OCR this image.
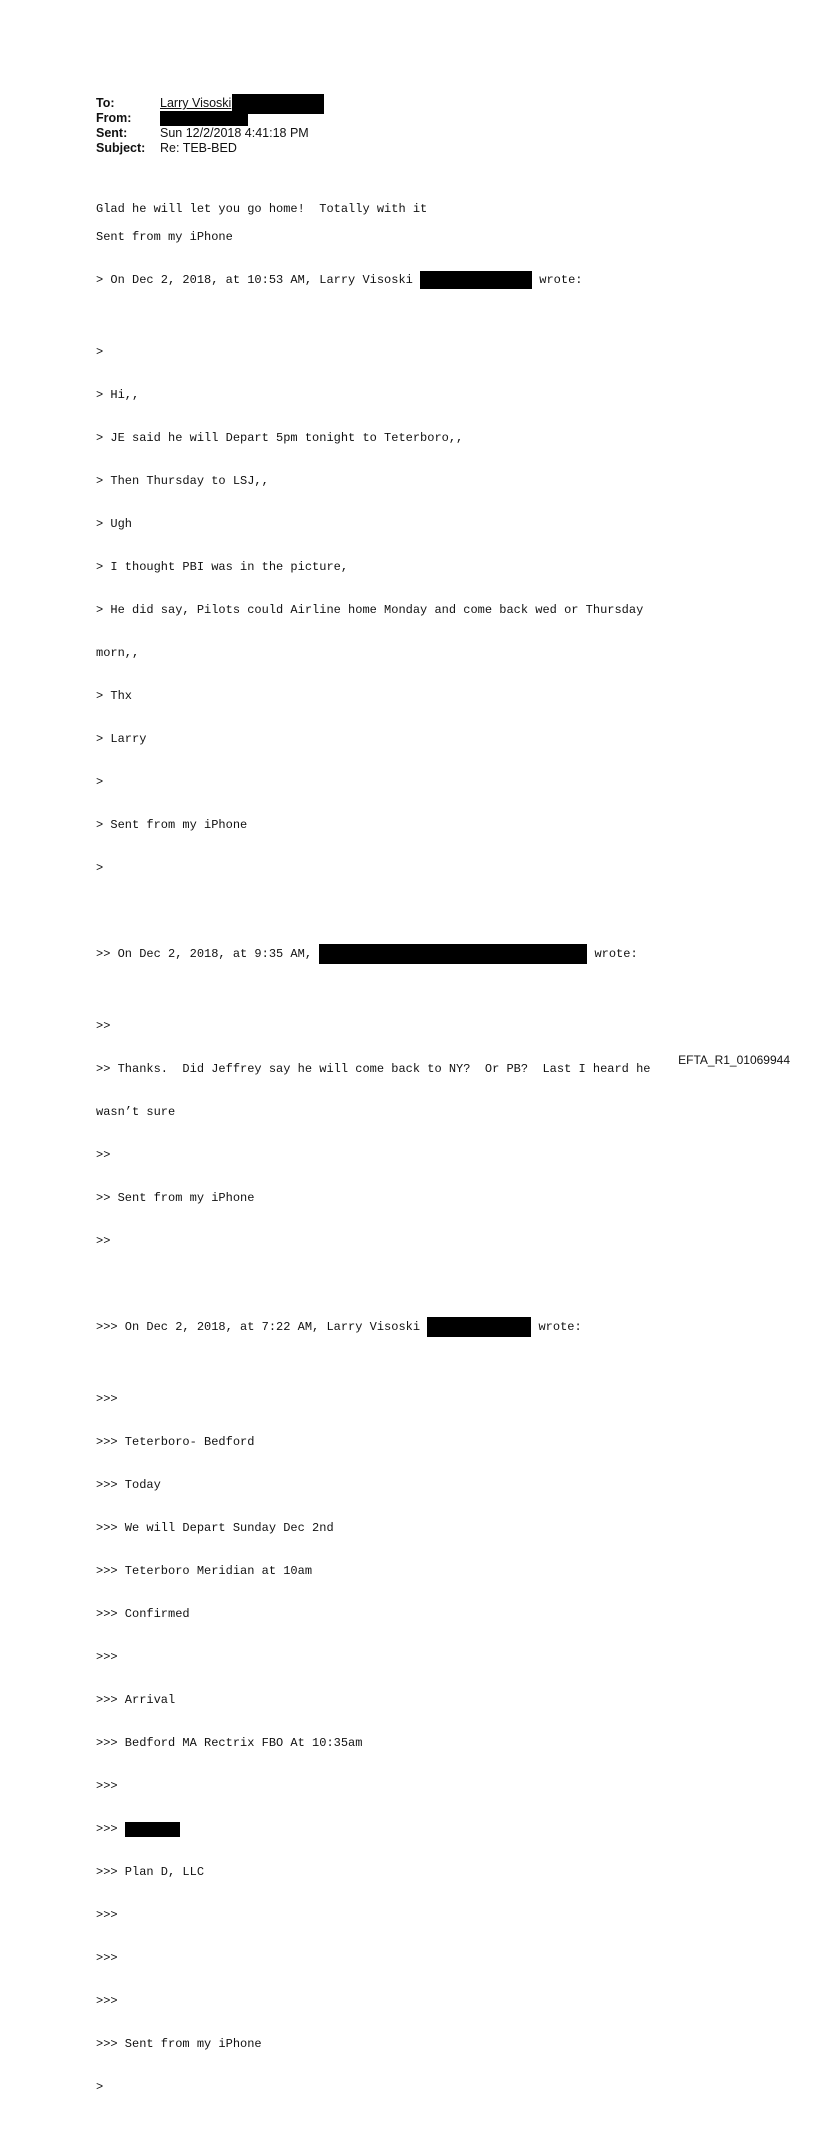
To:	Larry Visoski
From:
Sent:	Sun 12/2/2018 4:41:18 PM
Subject:	Re: TEB-BED

Glad he will let you go home!  Totally with it

Sent from my iPhone

> On Dec 2, 2018, at 10:53 AM, Larry Visoski	wrote:

>

> Hi,,

> JE said he will Depart 5pm tonight to Teterboro,,

> Then Thursday to LSJ,,

> Ugh

> I thought PBI was in the picture,

> He did say, Pilots could Airline home Monday and come back wed or Thursday

morn,,

> Thx

> Larry

>

> Sent from my iPhone

>

>> On Dec 2, 2018, at 9:35 AM,	wrote:

>>

>> Thanks.  Did Jeffrey say he will come back to NY?  Or PB?  Last I heard he

wasn’t sure

>>

>> Sent from my iPhone

>>

>>> On Dec 2, 2018, at 7:22 AM, Larry Visoski	wrote:

>>>

>>> Teterboro- Bedford

>>> Today

>>> We will Depart Sunday Dec 2nd

>>> Teterboro Meridian at 10am

>>> Confirmed

>>>

>>> Arrival

>>> Bedford MA Rectrix FBO At 10:35am

>>>

>>>

>>> Plan D, LLC

>>>

>>>

>>>

>>> Sent from my iPhone

>

EFTA_R1_01069944
